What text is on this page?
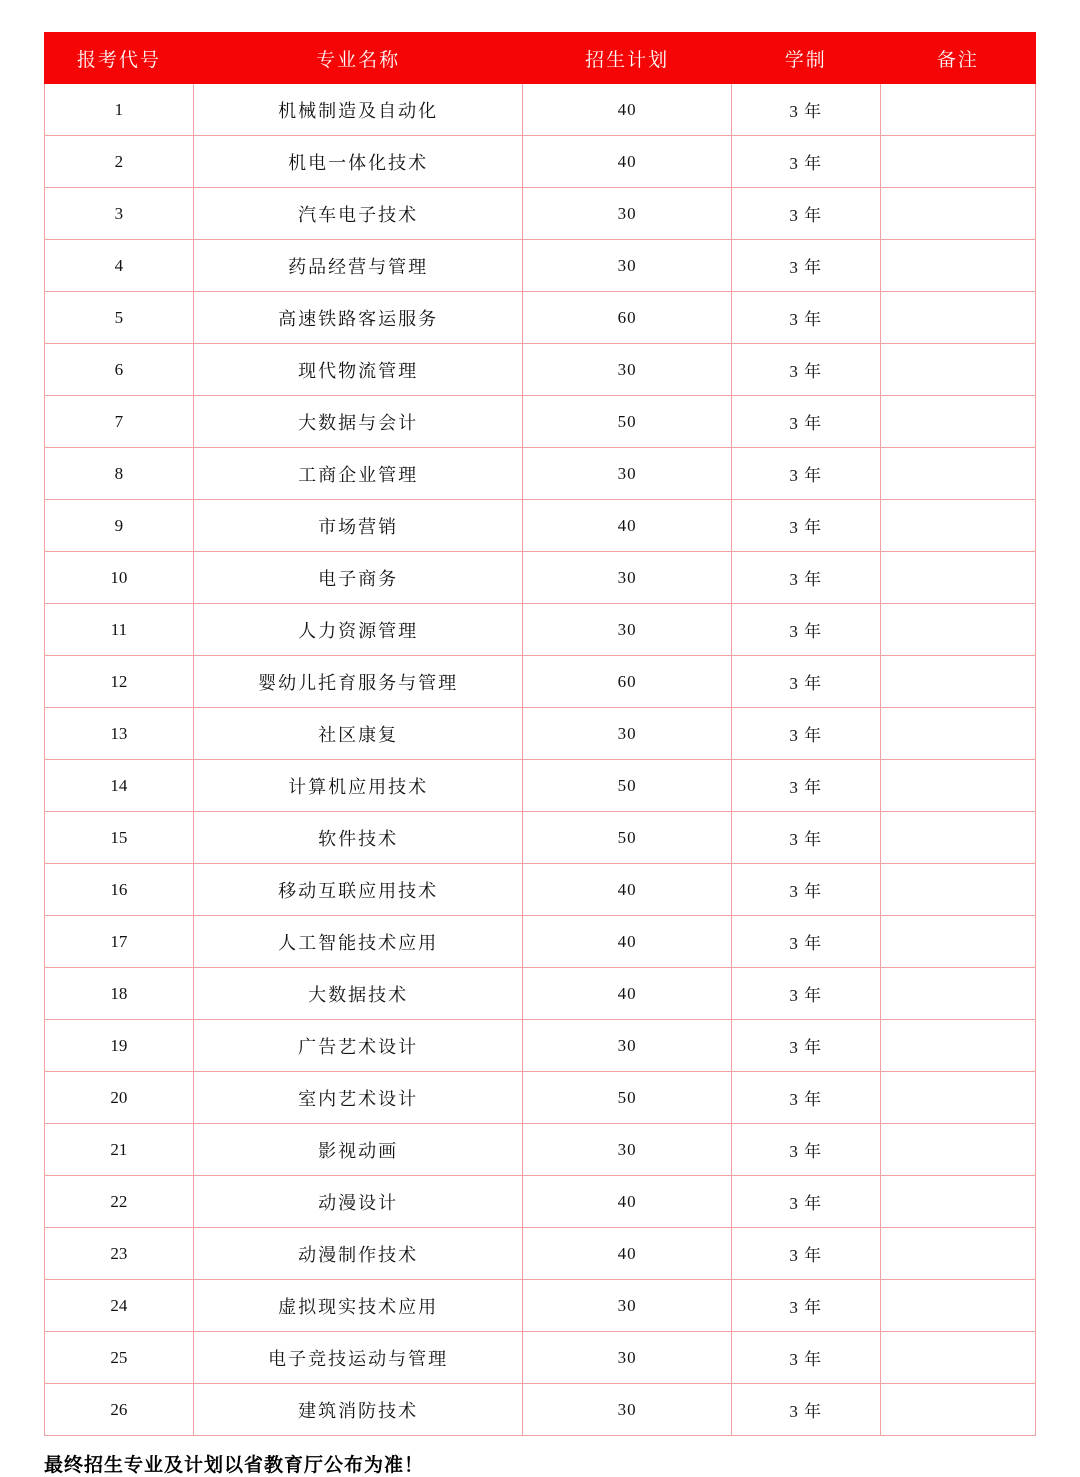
报考代号	专业名称	招生计划	学制	备注
1	机械制造及自动化	40	3 年	
2	机电一体化技术	40	3 年	
3	汽车电子技术	30	3 年	
4	药品经营与管理	30	3 年	
5	高速铁路客运服务	60	3 年	
6	现代物流管理	30	3 年	
7	大数据与会计	50	3 年	
8	工商企业管理	30	3 年	
9	市场营销	40	3 年	
10	电子商务	30	3 年	
11	人力资源管理	30	3 年	
12	婴幼儿托育服务与管理	60	3 年	
13	社区康复	30	3 年	
14	计算机应用技术	50	3 年	
15	软件技术	50	3 年	
16	移动互联应用技术	40	3 年	
17	人工智能技术应用	40	3 年	
18	大数据技术	40	3 年	
19	广告艺术设计	30	3 年	
20	室内艺术设计	50	3 年	
21	影视动画	30	3 年	
22	动漫设计	40	3 年	
23	动漫制作技术	40	3 年	
24	虚拟现实技术应用	30	3 年	
25	电子竞技运动与管理	30	3 年	
26	建筑消防技术	30	3 年	
最终招生专业及计划以省教育厅公布为准！
